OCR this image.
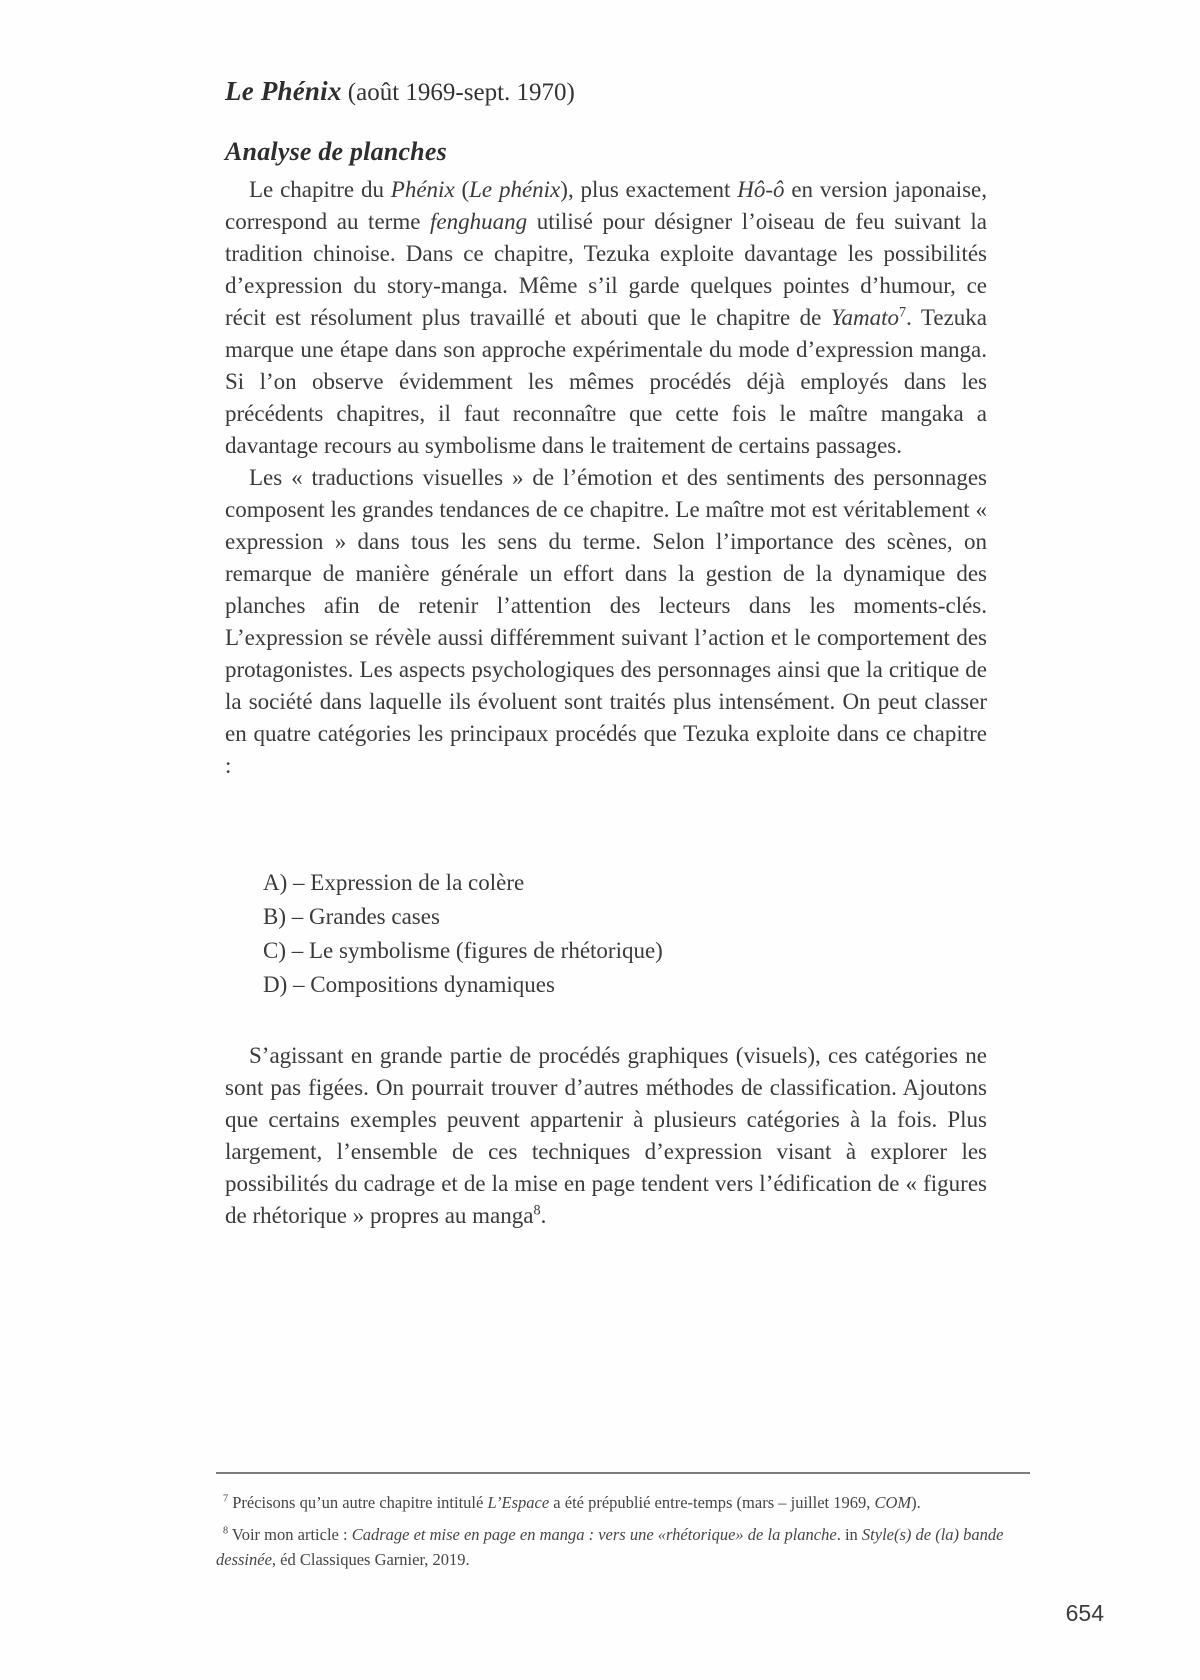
Le Phénix (août 1969-sept. 1970)
Analyse de planches

Le chapitre du Phénix (Le phénix), plus exactement Hô-ô en version japonaise, correspond au terme fenghuang utilisé pour désigner l’oiseau de feu suivant la tradition chinoise. Dans ce chapitre, Tezuka exploite davantage les possibilités d’expression du story-manga. Même s’il garde quelques pointes d’humour, ce récit est résolument plus travaillé et abouti que le chapitre de Yamato$^7$. Tezuka marque une étape dans son approche expérimentale du mode d’expression manga. Si l’on observe évidemment les mêmes procédés déjà employés dans les précédents chapitres, il faut reconnaître que cette fois le maître mangaka a davantage recours au symbolisme dans le traitement de certains passages.

Les « traductions visuelles » de l’émotion et des sentiments des personnages composent les grandes tendances de ce chapitre. Le maître mot est véritablement « expression » dans tous les sens du terme. Selon l’importance des scènes, on remarque de manière générale un effort dans la gestion de la dynamique des planches afin de retenir l’attention des lecteurs dans les moments-clés. L’expression se révèle aussi différemment suivant l’action et le comportement des protagonistes. Les aspects psychologiques des personnages ainsi que la critique de la société dans laquelle ils évoluent sont traités plus intensément. On peut classer en quatre catégories les principaux procédés que Tezuka exploite dans ce chapitre :

A) – Expression de la colère
B) – Grandes cases
C) – Le symbolisme (figures de rhétorique)
D) – Compositions dynamiques

S’agissant en grande partie de procédés graphiques (visuels), ces catégories ne sont pas figées. On pourrait trouver d’autres méthodes de classification. Ajoutons que certains exemples peuvent appartenir à plusieurs catégories à la fois. Plus largement, l’ensemble de ces techniques d’expression visant à explorer les possibilités du cadrage et de la mise en page tendent vers l’édification de « figures de rhétorique » propres au manga$^8$.

$^7$ Précisons qu’un autre chapitre intitulé L’Espace a été prépublié entre-temps (mars – juillet 1969, COM).

$^8$ Voir mon article : Cadrage et mise en page en manga : vers une «rhétorique» de la planche. in Style(s) de (la) bande dessinée, éd Classiques Garnier, 2019.

654
